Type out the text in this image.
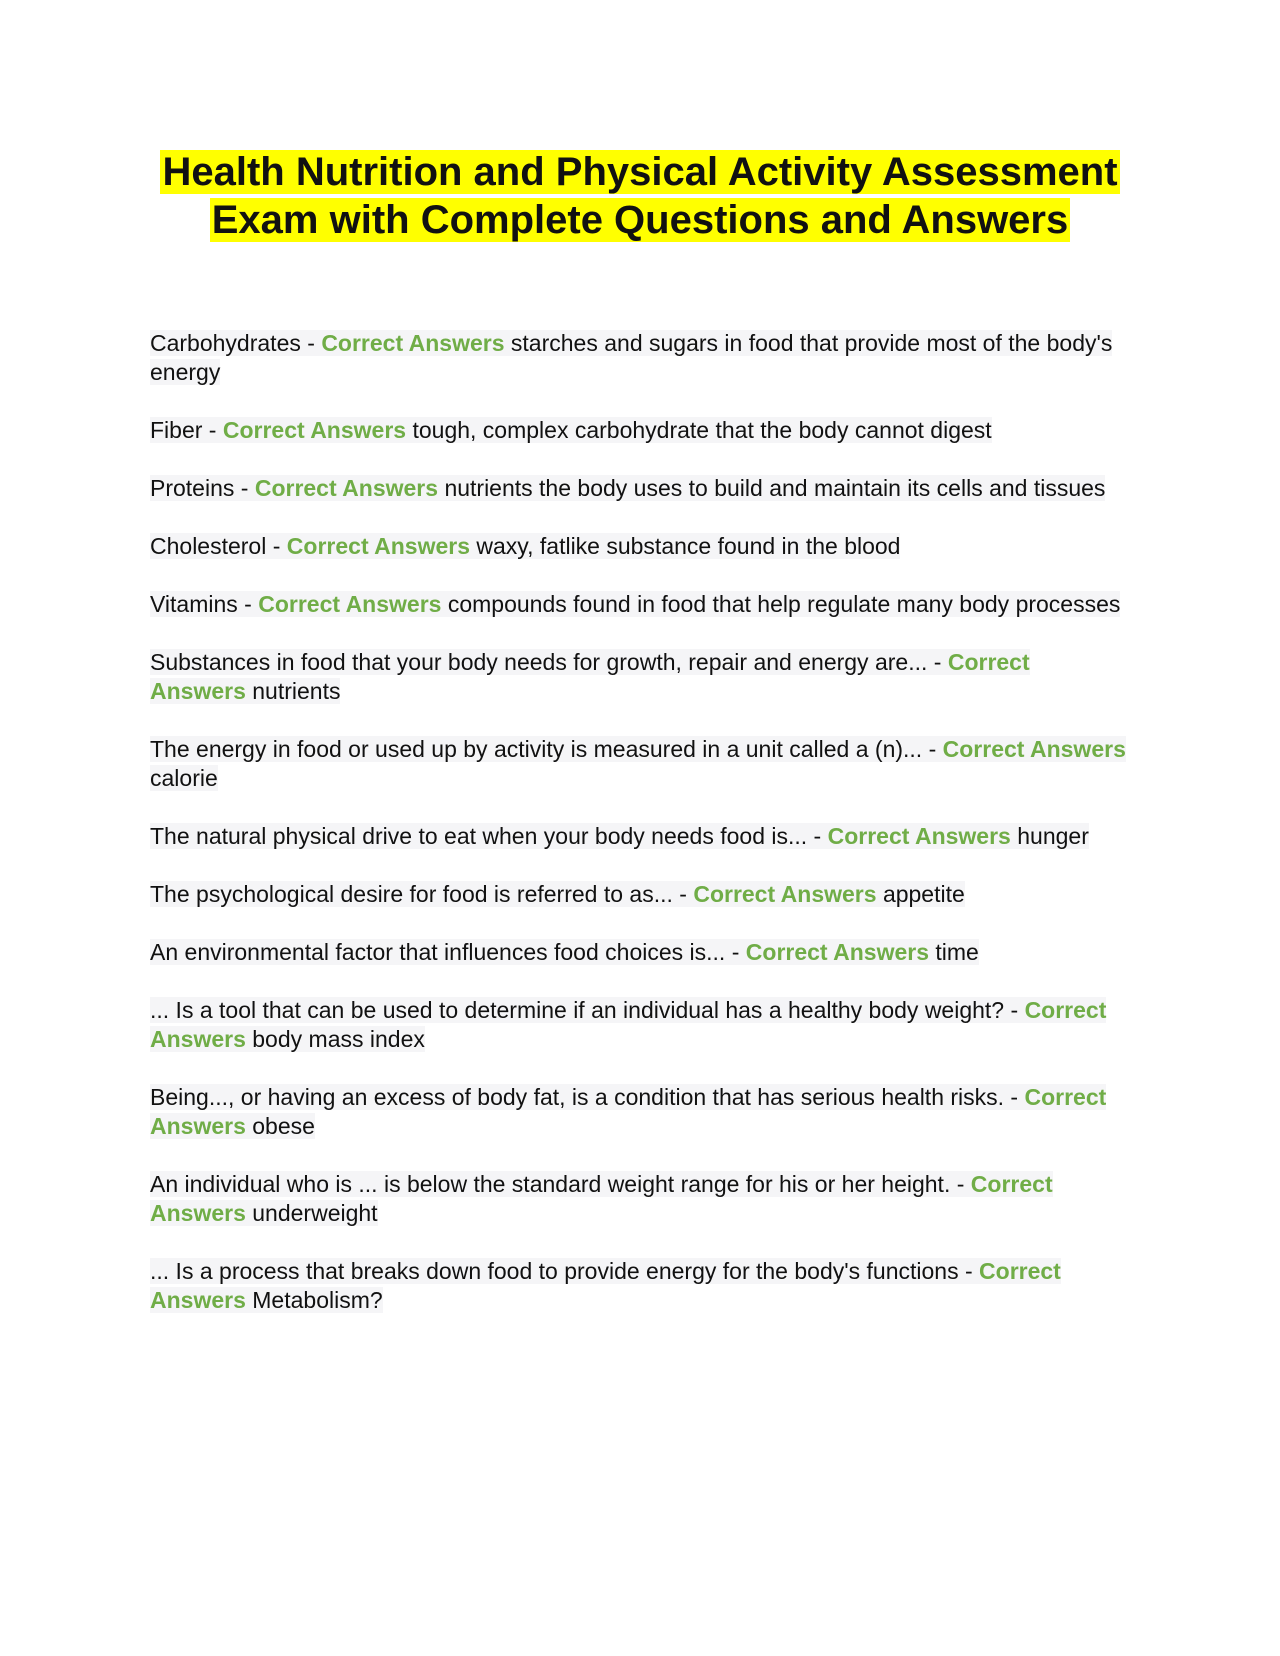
Health Nutrition and Physical Activity Assessment Exam with Complete Questions and Answers

Carbohydrates - Correct Answers starches and sugars in food that provide most of the body's energy

Fiber - Correct Answers tough, complex carbohydrate that the body cannot digest

Proteins - Correct Answers nutrients the body uses to build and maintain its cells and tissues

Cholesterol - Correct Answers waxy, fatlike substance found in the blood

Vitamins - Correct Answers compounds found in food that help regulate many body processes

Substances in food that your body needs for growth, repair and energy are... - Correct Answers nutrients

The energy in food or used up by activity is measured in a unit called a (n)... - Correct Answers calorie

The natural physical drive to eat when your body needs food is... - Correct Answers hunger

The psychological desire for food is referred to as... - Correct Answers appetite

An environmental factor that influences food choices is... - Correct Answers time

... Is a tool that can be used to determine if an individual has a healthy body weight? - Correct Answers body mass index

Being..., or having an excess of body fat, is a condition that has serious health risks. - Correct Answers obese

An individual who is ... is below the standard weight range for his or her height. - Correct Answers underweight

... Is a process that breaks down food to provide energy for the body's functions - Correct Answers Metabolism?
